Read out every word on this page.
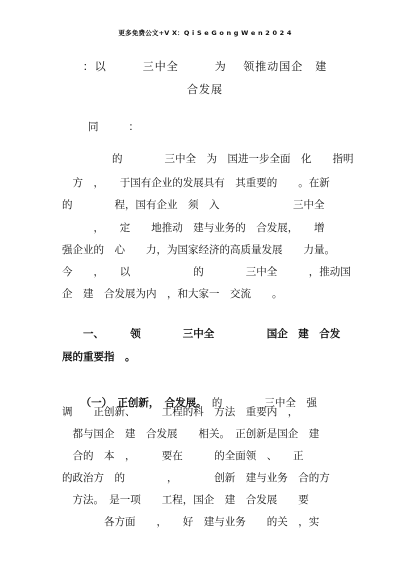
更多免费公文+V X：Q i S e G o n g W e n 2 0 2 4
：以　　　三中全　　　为　 领推动国企　建
合发展
同　　：
　　　　的　　　　三中全　为　国进一步全面　化　　指明
　方　，　　于国有企业的发展具有　其重要的　　。在新
的　　　　程，国有企业　须　入　　　　　　　三中全
　　　，　　定　　地推动　建与业务的　合发展，　　增
强企业的　心　　力，为国家经济的高质量发展　　力量。
今　　，　　以　　　　　　的　　　　三中全　　　，推动国
企　建　合发展为内　，和大家一　交流　　。
　　一、　　　领　　　　三中全　　　　　国企　建　合发
展的重要指　。

　（一）　正创新，　合发展。　的　　　　三中全　强

调　　正创新、　　　工程的科　方法　重要内　，
　都与国企　建　合发展　　相关。　正创新是国企　建
　合的　本　，　　　要在　　　的全面领　、　　正
的政治方　的　　　　，　　　　创新　建与业务　合的方
　方法。　是一项　　工程，国企　建　合发展　　要
　　　　各方面　　，　　好　建与业务　　的关　，实
